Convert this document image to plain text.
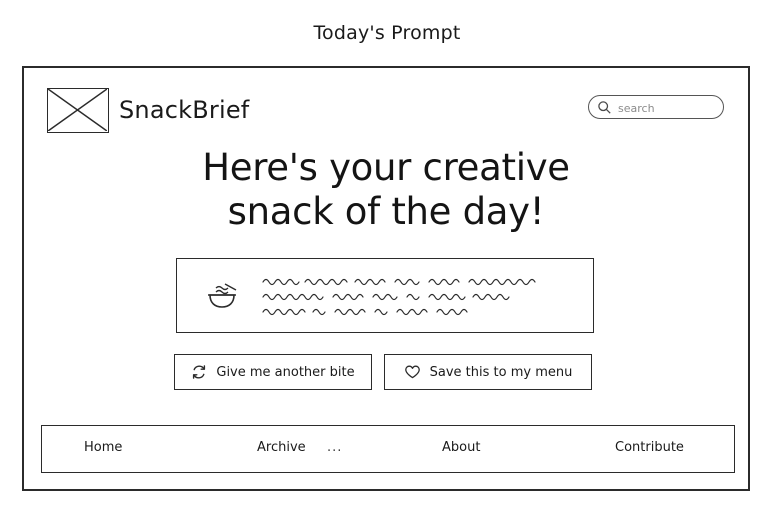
Today's Prompt
SnackBrief
search
Here's your creative
snack of the day!
Give me another bite	Save this to my menu
Home	Archive ...	About	Contribute
